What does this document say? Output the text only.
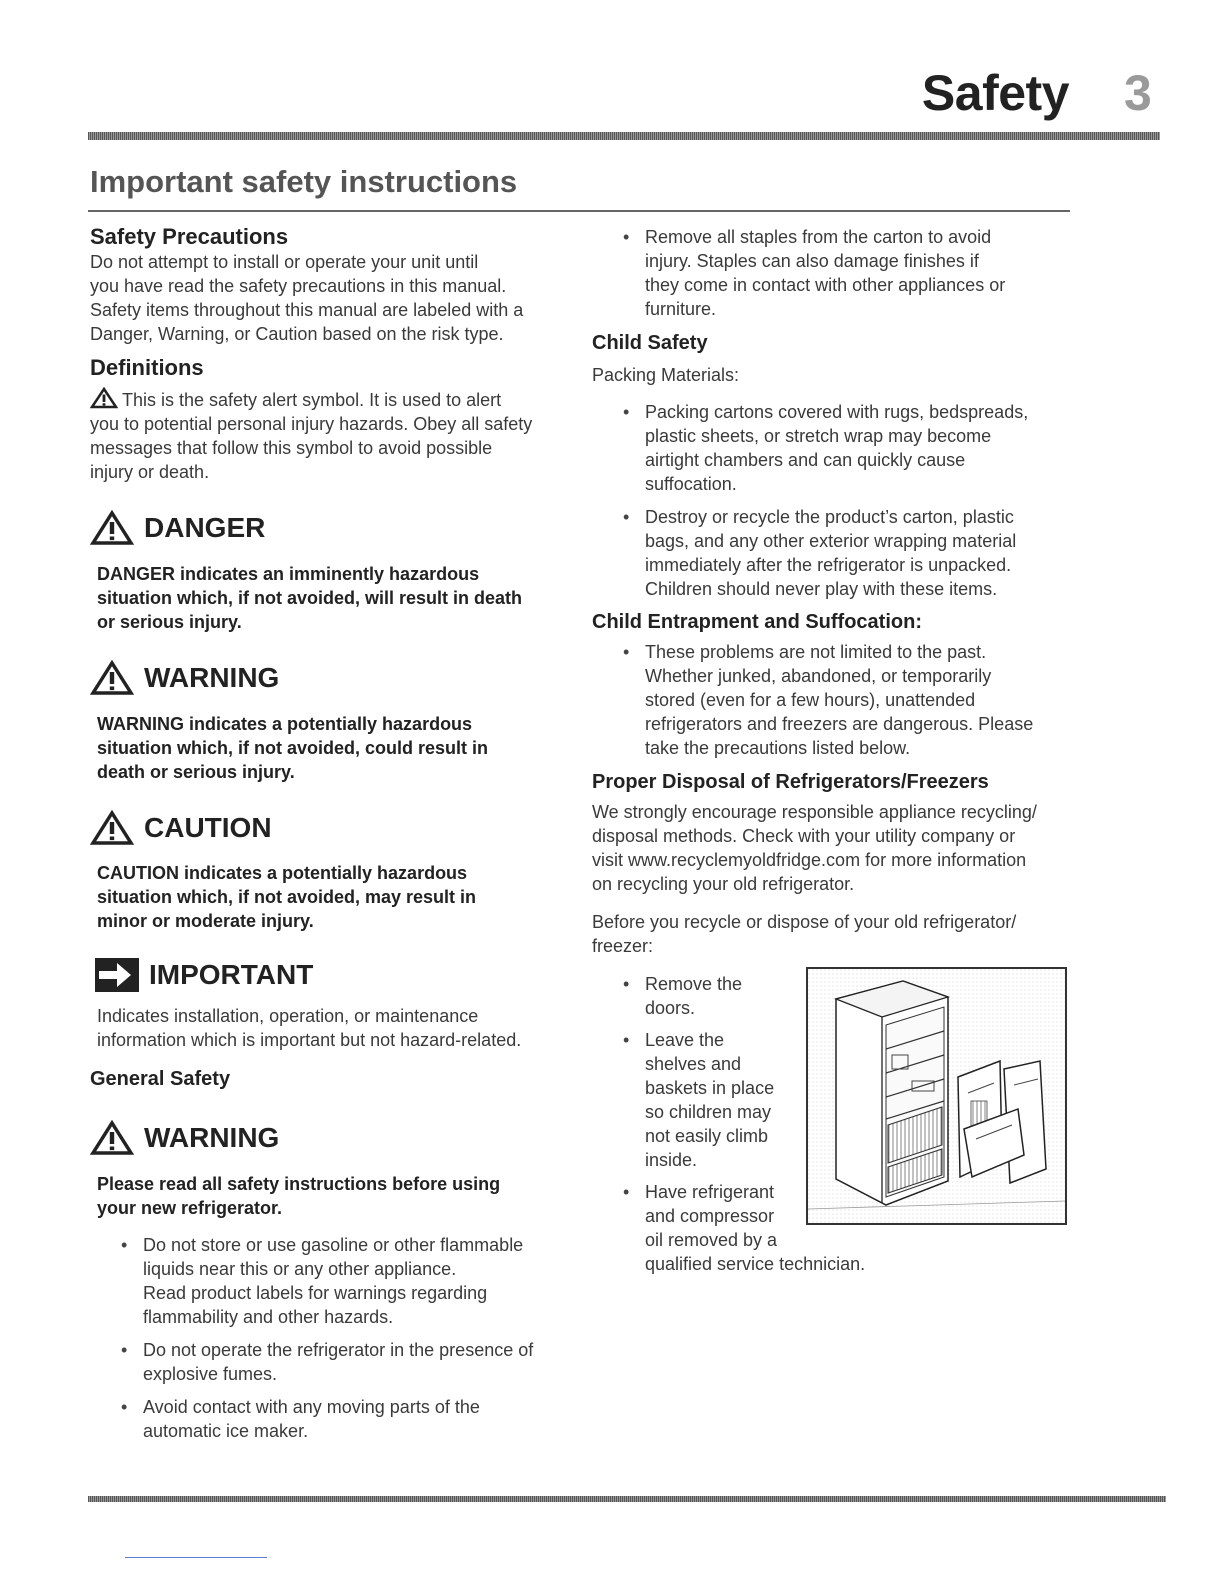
Safety 3
Important safety instructions

Safety Precautions

Do not attempt to install or operate your unit until

you have read the safety precautions in this manual.

Safety items throughout this manual are labeled with a

Danger, Warning, or Caution based on the risk type.

Definitions

This is the safety alert symbol. It is used to alert

you to potential personal injury hazards. Obey all safety

messages that follow this symbol to avoid possible

injury or death.

DANGER

DANGER indicates an imminently hazardous

situation which, if not avoided, will result in death

or serious injury.

WARNING

WARNING indicates a potentially hazardous

situation which, if not avoided, could result in

death or serious injury.

CAUTION

CAUTION indicates a potentially hazardous

situation which, if not avoided, may result in

minor or moderate injury.

IMPORTANT

Indicates installation, operation, or maintenance

information which is important but not hazard-related.

General Safety

WARNING

Please read all safety instructions before using

your new refrigerator.

• Do not store or use gasoline or other flammable
liquids near this or any other appliance.
Read product labels for warnings regarding
flammability and other hazards.
• Do not operate the refrigerator in the presence of
explosive fumes.
• Avoid contact with any moving parts of the
automatic ice maker.
• Remove all staples from the carton to avoid
injury. Staples can also damage finishes if
they come in contact with other appliances or
furniture.

Child Safety

Packing Materials:

• Packing cartons covered with rugs, bedspreads,
plastic sheets, or stretch wrap may become
airtight chambers and can quickly cause
suffocation.
• Destroy or recycle the product’s carton, plastic
bags, and any other exterior wrapping material
immediately after the refrigerator is unpacked.
Children should never play with these items.

Child Entrapment and Suffocation:

• These problems are not limited to the past.
Whether junked, abandoned, or temporarily
stored (even for a few hours), unattended
refrigerators and freezers are dangerous. Please
take the precautions listed below.

Proper Disposal of Refrigerators/Freezers

We strongly encourage responsible appliance recycling/

disposal methods. Check with your utility company or

visit www.recyclemyoldfridge.com for more information

on recycling your old refrigerator.

Before you recycle or dispose of your old refrigerator/

freezer:

• Remove the
doors.
• Leave the
shelves and
baskets in place
so children may
not easily climb
inside.
• Have refrigerant
and compressor
oil removed by a
qualified service technician.
